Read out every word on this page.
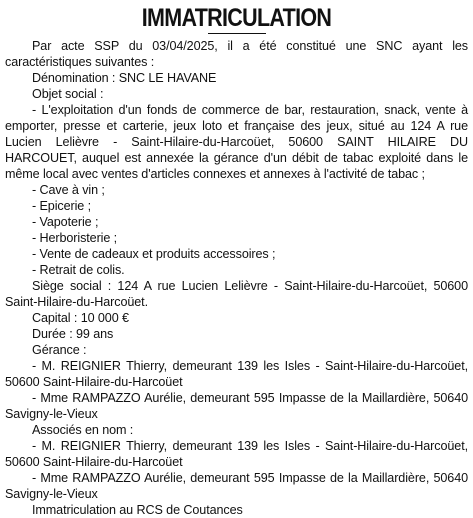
IMMATRICULATION

Par acte SSP du 03/04/2025, il a été constitué une SNC ayant les caractéristiques suivantes :

Dénomination : SNC LE HAVANE

Objet social :

- L'exploitation d'un fonds de commerce de bar, restauration, snack, vente à emporter, presse et carterie, jeux loto et française des jeux, situé au 124 A rue Lucien Lelièvre - Saint-Hilaire-du-Harcoüet, 50600 SAINT HILAIRE DU HARCOUET, auquel est annexée la gérance d'un débit de tabac exploité dans le même local avec ventes d'articles connexes et annexes à l'activité de tabac ;

- Cave à vin ;

- Epicerie ;

- Vapoterie ;

- Herboristerie ;

- Vente de cadeaux et produits accessoires ;

- Retrait de colis.

Siège social : 124 A rue Lucien Lelièvre - Saint-Hilaire-du-Harcoüet, 50600 Saint-Hilaire-du-Harcoüet.

Capital : 10 000 €

Durée : 99 ans

Gérance :

- M. REIGNIER Thierry, demeurant 139 les Isles - Saint-Hilaire-du-Harcoüet, 50600 Saint-Hilaire-du-Harcoüet

- Mme RAMPAZZO Aurélie, demeurant 595 Impasse de la Maillardière, 50640 Savigny-le-Vieux

Associés en nom :

- M. REIGNIER Thierry, demeurant 139 les Isles - Saint-Hilaire-du-Harcoüet, 50600 Saint-Hilaire-du-Harcoüet

- Mme RAMPAZZO Aurélie, demeurant 595 Impasse de la Maillardière, 50640 Savigny-le-Vieux

Immatriculation au RCS de Coutances
